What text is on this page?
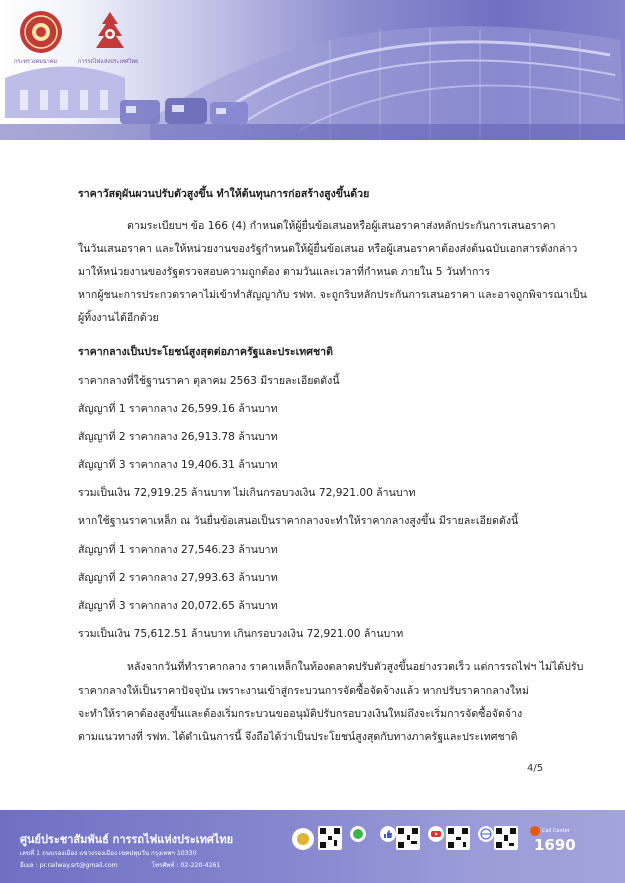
กระทรวงคมนาคม	การรถไฟแห่งประเทศไทย
ราคาวัสดุผันผวนปรับตัวสูงขึ้น ทำให้ต้นทุนการก่อสร้างสูงขึ้นด้วย
ตามระเบียบฯ ข้อ 166 (4) กำหนดให้ผู้ยื่นข้อเสนอหรือผู้เสนอราคาส่งหลักประกันการเสนอราคา
ในวันเสนอราคา และให้หน่วยงานของรัฐกำหนดให้ผู้ยื่นข้อเสนอ หรือผู้เสนอราคาต้องส่งต้นฉบับเอกสารดังกล่าว
มาให้หน่วยงานของรัฐตรวจสอบความถูกต้อง ตามวันและเวลาที่กำหนด ภายใน 5 วันทำการ
หากผู้ชนะการประกวดราคาไม่เข้าทำสัญญากับ รฟท. จะถูกริบหลักประกันการเสนอราคา และอาจถูกพิจารณาเป็น
ผู้ทิ้งงานได้อีกด้วย
ราคากลางเป็นประโยชน์สูงสุดต่อภาครัฐและประเทศชาติ
ราคากลางที่ใช้ฐานราคา ตุลาคม 2563 มีรายละเอียดดังนี้
สัญญาที่ 1 ราคากลาง 26,599.16 ล้านบาท
สัญญาที่ 2 ราคากลาง 26,913.78 ล้านบาท
สัญญาที่ 3 ราคากลาง 19,406.31 ล้านบาท
รวมเป็นเงิน 72,919.25 ล้านบาท ไม่เกินกรอบวงเงิน 72,921.00 ล้านบาท
หากใช้ฐานราคาเหล็ก ณ วันยื่นข้อเสนอเป็นราคากลางจะทำให้ราคากลางสูงขึ้น มีรายละเอียดดังนี้
สัญญาที่ 1 ราคากลาง 27,546.23 ล้านบาท
สัญญาที่ 2 ราคากลาง 27,993.63 ล้านบาท
สัญญาที่ 3 ราคากลาง 20,072.65 ล้านบาท
รวมเป็นเงิน 75,612.51 ล้านบาท เกินกรอบวงเงิน 72,921.00 ล้านบาท
หลังจากวันที่ทำราคากลาง ราคาเหล็กในท้องตลาดปรับตัวสูงขึ้นอย่างรวดเร็ว แต่การรถไฟฯ ไม่ได้ปรับ
ราคากลางให้เป็นราคาปัจจุบัน เพราะงานเข้าสู่กระบวนการจัดซื้อจัดจ้างแล้ว หากปรับราคากลางใหม่
จะทำให้ราคาต้องสูงขึ้นและต้องเริ่มกระบวนขออนุมัติปรับกรอบวงเงินใหม่ถึงจะเริ่มการจัดซื้อจัดจ้าง
ตามแนวทางที่ รฟท. ได้ดำเนินการนี้ จึงถือได้ว่าเป็นประโยชน์สูงสุดกับทางภาครัฐและประเทศชาติ
4/5
ศูนย์ประชาสัมพันธ์ การรถไฟแห่งประเทศไทย
เลขที่ 1 ถนนรองเมือง แขวงรองเมือง เขตปทุมวัน กรุงเทพฯ 10330
อีเมล : pr.railway.srt@gmail.com	โทรศัพท์ : 02-220-4261
Call Center
1690
